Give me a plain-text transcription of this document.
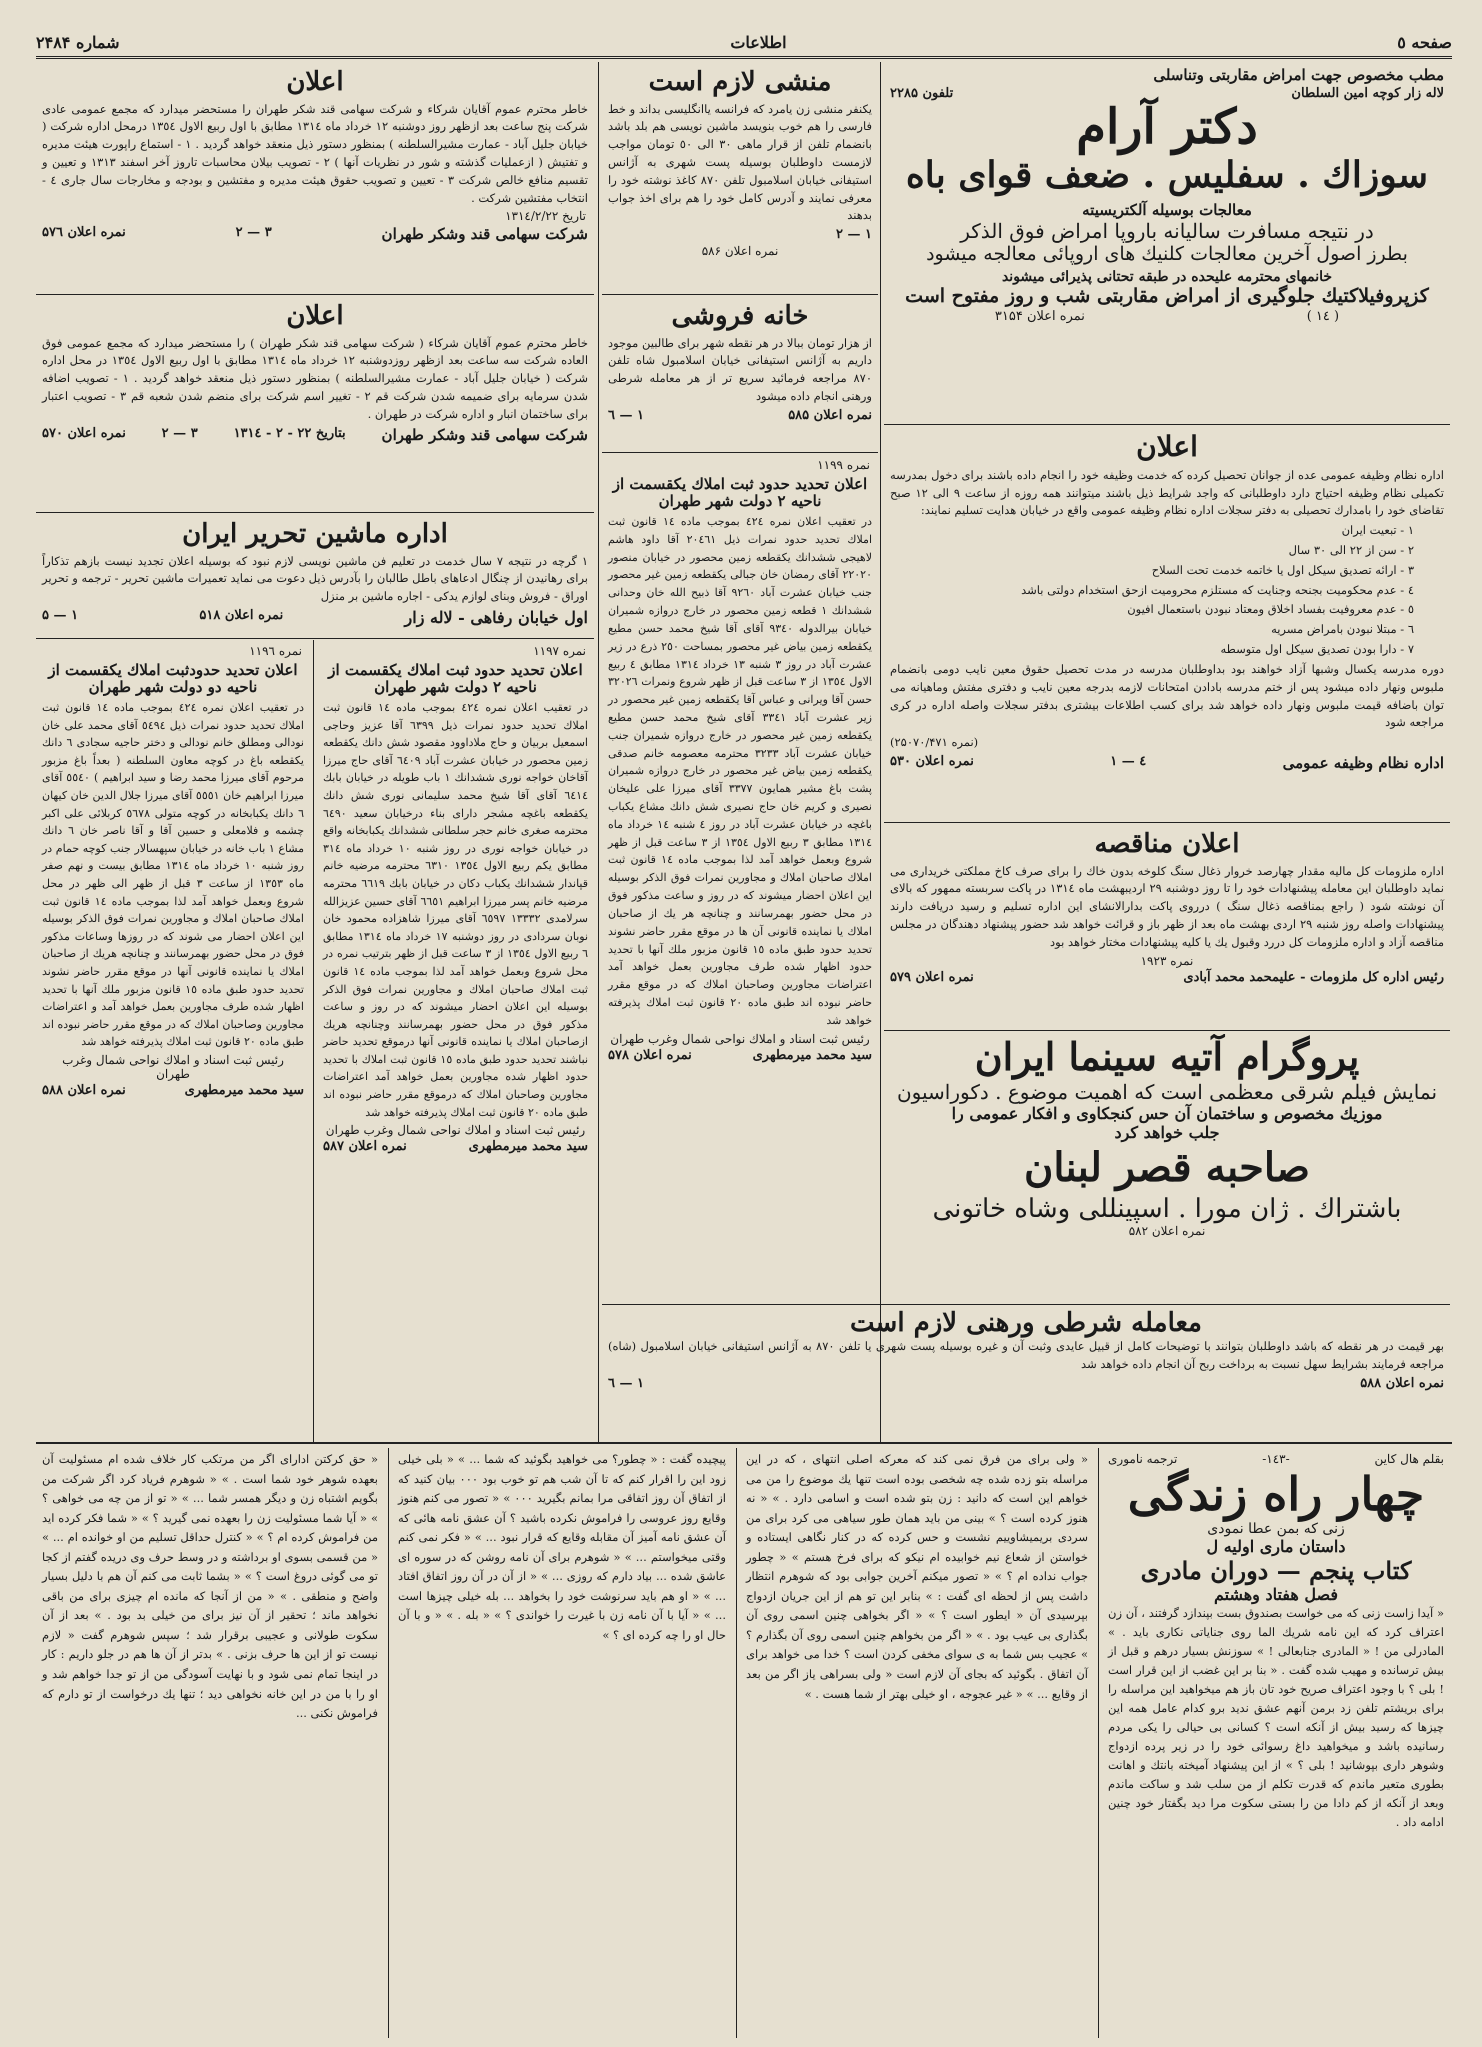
صفحه ٥
اطلاعات
شماره ۲۴۸۴
مطب مخصوص جهت امراض مقاربتی وتناسلی
لاله زار کوچه امین السلطان
تلفون ۲۲۸۵
دکتر آرام
سوزاك . سفلیس . ضعف قوای باه
معالجات بوسیله آلکتریسیته
در نتیجه مسافرت سالیانه باروپا امراض فوق الذکر
بطرز اصول آخرین معالجات کلنیك های اروپائی معالجه میشود
خانمهای محترمه علیحده در طبقه تحتانی پذیرائی میشوند
کزپروفیلاکتیك جلوگیری از امراض مقاربتی شب و روز مفتوح است
( ۱٤ )
نمره اعلان ۳۱۵۴
اعلان

اداره نظام وظیفه عمومی عده از جوانان تحصیل کرده که خدمت وظیفه خود را انجام داده باشند برای دخول بمدرسه تکمیلی نظام وظیفه احتیاج دارد داوطلبانی که واجد شرایط ذیل باشند میتوانند همه روزه از ساعت ٩ الی ۱۲ صبح تقاضای خود را بامدارك تحصیلی به دفتر سجلات اداره نظام وظیفه عمومی واقع در خیابان هدایت تسلیم نمایند:

۱ - تبعیت ایران

۲ - سن از ۲۲ الی ۳۰ سال

۳ - ارائه تصدیق سیکل اول یا خاتمه خدمت تحت السلاح

٤ - عدم محکومیت بجنحه وجنایت که مستلزم محرومیت ازحق استخدام دولتی باشد

٥ - عدم معروفیت بفساد اخلاق ومعتاد نبودن باستعمال افیون

٦ - مبتلا نبودن بامراض مسریه

۷ - دارا بودن تصدیق سیکل اول متوسطه

دوره مدرسه یکسال وشبها آزاد خواهند بود بداوطلبان مدرسه در مدت تحصیل حقوق معین نایب دومی بانضمام ملبوس ونهار داده میشود پس از ختم مدرسه بادادن امتحانات لازمه بدرجه معین نایب و دفتری مفتش وماهیانه می توان باضافه قیمت ملبوس ونهار داده خواهد شد برای کسب اطلاعات بیشتری بدفتر سجلات واصله اداره در کری مراجعه شود

(نمره ۲۵۰۷۰/۴۷۱)

اداره نظام وظیفه عمومی
٤ — ۱
نمره اعلان ۵۳۰
اعلان مناقصه
اداره ملزومات کل مالیه مقدار چهارصد خروار ذغال سنگ کلوخه بدون خاك را برای صرف کاخ مملکتی خریداری می نماید داوطلبان این معامله پیشنهادات خود را تا روز دوشنبه ۲٩ اردیبهشت ماه ۱۳۱٤ در پاکت سربسته ممهور که بالای آن نوشته شود ( راجع بمناقصه ذغال سنگ ) درروی پاکت بدارالانشای این اداره تسلیم و رسید دریافت دارند پیشنهادات واصله روز شنبه ۲٩ اردی بهشت ماه بعد از ظهر باز و قرائت خواهد شد حضور پیشنهاد دهندگان در مجلس مناقصه آزاد و اداره ملزومات کل دررد وقبول یك یا کلیه پیشنهادات مختار خواهد بود
نمره ۱۹۲۳
رئیس اداره کل ملزومات - علیمحمد محمد آبادی
نمره اعلان ۵۷٩
پروگرام آتیه سینما ایران
نمایش فیلم شرقی معظمی است که اهمیت موضوع . دکوراسیون
موزیك مخصوص و ساختمان آن حس کنجکاوی و افکار عمومی را
جلب خواهد کرد
صاحبه قصر لبنان
باشتراك . ژان مورا . اسپینللی وشاه خاتونی
نمره اعلان ۵۸۲
معامله شرطی ورهنی لازم است
بهر قیمت در هر نقطه که باشد داوطلبان بتوانند با توضیحات کامل از قبیل عایدی وثبت آن و غیره بوسیله پست شهری یا تلفن ۸۷۰ به آژانس استیفانی خیابان اسلامبول (شاه) مراجعه فرمایند بشرایط سهل نسبت به برداخت ربح آن انجام داده خواهد شد
نمره اعلان ۵۸۸
۱ — ٦
منشی لازم است
یکنفر منشی زن یامرد که فرانسه یاانگلیسی بداند و خط فارسی را هم خوب بنویسد ماشین نویسی هم بلد باشد بانضمام تلفن از قرار ماهی ۳۰ الی ٥۰ تومان مواجب لازمست داوطلبان بوسیله پست شهری به آژانس استیفانی خیابان اسلامبول تلفن ۸۷۰ کاغذ نوشته خود را معرفی نمایند و آدرس کامل خود را هم برای اخذ جواب بدهند
۱ — ۲
نمره اعلان ۵۸۶
خانه فروشی
از هزار تومان ببالا در هر نقطه شهر برای طالبین موجود داریم به آژانس استیفانی خیابان اسلامبول شاه تلفن ۸۷۰ مراجعه فرمائید سریع تر از هر معامله شرطی ورهنی انجام داده میشود
نمره اعلان ۵۸۵
۱ — ٦
نمره ۱۱٩٩
اعلان تحدید حدود ثبت املاك یکقسمت از ناحیه ۲ دولت شهر طهران
در تعقیب اعلان نمره ٤۲٤ بموجب ماده ۱٤ قانون ثبت املاك تحدید حدود نمرات ذیل ۲۰٤٦۱ آقا داود هاشم لاهیجی ششدانك یکقطعه زمین محصور در خیابان منصور ۲۲۰۲۰ آقای رمضان خان جبالی یکقطعه زمین غیر محصور جنب خیابان عشرت آباد ٩٢٦۰ آقا ذبیح الله خان وحدانی ششدانك ۱ قطعه زمین محصور در خارج دروازه شمیران خیابان بیرالدوله ٩٣٤۰ آقای آقا شیخ محمد حسن مطیع یکقطعه زمین بیاض غیر محصور بمساحت ۲٥۰ ذرع در زیر عشرت آباد در روز ۳ شنبه ۱۳ خرداد ۱۳۱٤ مطابق ٤ ربیع الاول ۱۳٥٤ از ۳ ساعت قبل از ظهر شروع ونمرات ۳۲۰۲٦ حسن آقا ویرانی و عباس آقا یکقطعه زمین غیر محصور در زیر عشرت آباد ۳۳٤۱ آقای شیخ محمد حسن مطیع یکقطعه زمین غیر محصور در خارج دروازه شمیران جنب خیابان عشرت آباد ۳۲۳۳ محترمه معصومه خانم صدقی یکقطعه زمین بیاض غیر محصور در خارج دروازه شمیران پشت باغ مشیر همایون ۳۳۷۷ آقای میرزا علی علیخان نصیری و کریم خان حاج نصیری شش دانك مشاع یکباب باغچه در خیابان عشرت آباد در روز ٤ شنبه ۱٤ خرداد ماه ۱۳۱٤ مطابق ۳ ربیع الاول ۱۳٥٤ از ۳ ساعت قبل از ظهر شروع وبعمل خواهد آمد لذا بموجب ماده ۱٤ قانون ثبت املاك صاحبان املاك و مجاورین نمرات فوق الذکر بوسیله این اعلان احضار میشوند که در روز و ساعت مذکور فوق در محل حضور بهمرسانند و چنانچه هر یك از صاحبان املاك یا نماینده قانونی آن ها در موقع مقرر حاضر نشوند تحدید حدود طبق ماده ۱٥ قانون مزبور ملك آنها با تحدید حدود اظهار شده طرف مجاورین بعمل خواهد آمد اعتراضات مجاورین وصاحبان املاك که در موقع مقرر حاضر نبوده اند طبق ماده ۲۰ قانون ثبت املاك پذیرفته خواهد شد
رئیس ثبت اسناد و املاك نواحی شمال وغرب طهران
سید محمد میرمطهری
نمره اعلان ۵۷۸
اعلان
خاطر محترم عموم آقایان شرکاء و شرکت سهامی قند شکر طهران را مستحضر میدارد که مجمع عمومی عادی شرکت پنج ساعت بعد ازظهر روز دوشنبه ۱۲ خرداد ماه ۱۳۱٤ مطابق با اول ربیع الاول ۱۳٥٤ درمحل اداره شرکت ( خیابان جلیل آباد - عمارت مشیرالسلطنه ) بمنظور دستور ذیل منعقد خواهد گردید . ۱ - استماع راپورت هیئت مدیره و تفتیش ( ازعملیات گذشته و شور در نظریات آنها ) ۲ - تصویب بیلان محاسبات تاروز آخر اسفند ۱۳۱۳ و تعیین و تقسیم منافع خالص شرکت ۳ - تعیین و تصویب حقوق هیئت مدیره و مفتشین و بودجه و مخارجات سال جاری ٤ - انتخاب مفتشین شرکت .
تاریخ ۱۳۱٤/۲/۲۲
شرکت سهامی قند وشکر طهران
۳ — ۲
نمره اعلان ۵۷٦
اعلان
خاطر محترم عموم آقایان شرکاء ( شرکت سهامی قند شکر طهران ) را مستحضر میدارد که مجمع عمومی فوق العاده شرکت سه ساعت بعد ازظهر روزدوشنبه ۱۲ خرداد ماه ۱۳۱٤ مطابق با اول ربیع الاول ۱۳٥٤ در محل اداره شرکت ( خیابان جلیل آباد - عمارت مشیرالسلطنه ) بمنظور دستور ذیل منعقد خواهد گردید . ۱ - تصویب اضافه شدن سرمایه برای ضمیمه شدن شرکت قم ۲ - تغییر اسم شرکت برای منضم شدن شعبه قم ۳ - تصویب اعتبار برای ساختمان انبار و اداره شرکت در طهران .
شرکت سهامی قند وشکر طهران
بتاریخ ۲۲ - ۲ - ۱۳۱٤
۳ — ۲
نمره اعلان ۵۷۰
اداره ماشین تحریر ایران
۱ گرچه در نتیجه ۷ سال خدمت در تعلیم فن ماشین نویسی لازم نبود که بوسیله اعلان تجدید نیست بازهم تذکاراً برای رهانیدن از چنگال ادعاهای باطل طالبان را بآدرس ذیل دعوت می نماید تعمیرات ماشین تحریر - ترجمه و تحریر اوراق - فروش وبنای لوازم یدکی - اجاره ماشین بر منزل
اول خیابان رفاهی - لاله زار
نمره اعلان ۵۱۸
۱ — ۵
نمره ۱۱٩۷
اعلان تحدید حدود ثبت املاك یکقسمت از ناحیه ۲ دولت شهر طهران
در تعقیب اعلان نمره ٤۲٤ بموجب ماده ۱٤ قانون ثبت املاك تحدید حدود نمرات ذیل ٦۳٩٩ آقا عزیز وحاجی اسمعیل بربیان و حاج ملاداوود مقصود شش دانك یکقطعه زمین محصور در خیابان عشرت آباد ٦٤۰٩ آقای حاج میرزا آقاخان خواجه نوری ششدانك ۱ باب طویله در خیابان بابك ٦٤۱٤ آقای آقا شیخ محمد سلیمانی نوری شش دانك یکقطعه باغچه مشجر دارای بناء درخیابان سعید ٦٤٩۰ محترمه صغری خانم حجر سلطانی ششدانك یکبابخانه واقع در خیابان خواجه نوری در روز شنبه ۱۰ خرداد ماه ۳۱٤ مطابق یکم ربیع الاول ۱۳٥٤ ٦۳۱۰ محترمه مرضیه خانم قپاندار ششدانك یکباب دکان در خیابان بابك ٦٦۱٩ محترمه مرضیه خانم پسر میرزا ابراهیم ٦٦٥۱ آقای حسین عزیزالله سرلامدی ۱۳۳۳۲ ٦٥٩۷ آقای میرزا شاهزاده محمود خان نوبان سردادی در روز دوشنبه ۱۷ خرداد ماه ۱۳۱٤ مطابق ٦ ربیع الاول ۱۳٥٤ از ۳ ساعت قبل از ظهر بترتیب نمره در محل شروع وبعمل خواهد آمد لذا بموجب ماده ۱٤ قانون ثبت املاك صاحبان املاك و مجاورین نمرات فوق الذکر بوسیله این اعلان احضار میشوند که در روز و ساعت مذکور فوق در محل حضور بهمرسانند وچنانچه هریك ازصاحبان املاك یا نماینده قانونی آنها درموقع تحدید حاضر نباشند تحدید حدود طبق ماده ۱٥ قانون ثبت املاك با تحدید حدود اظهار شده مجاورین بعمل خواهد آمد اعتراضات مجاورین وصاحبان املاك که درموقع مقرر حاضر نبوده اند طبق ماده ۲۰ قانون ثبت املاك پذیرفته خواهد شد
رئیس ثبت اسناد و املاك نواحی شمال وغرب طهران
سید محمد میرمطهری
نمره اعلان ۵۸۷
نمره ۱۱٩٦
اعلان تحدید حدودثبت املاك یکقسمت از ناحیه دو دولت شهر طهران
در تعقیب اعلان نمره ٤۲٤ بموجب ماده ۱٤ قانون ثبت املاك تحدید حدود نمرات ذیل ٥٤٩٤ آقای محمد علی خان نودالی ومطلق خانم نودالی و دختر حاجیه سجادی ٦ دانك یکقطعه باغ در کوچه معاون السلطنه ( بعداً باغ مزبور مرحوم آقای میرزا محمد رضا و سید ابراهیم ) ٥٥٤۰ آقای میرزا ابراهیم خان ٥٥٥۱ آقای میرزا جلال الدین خان کیهان ٦ دانك یکبابخانه در کوچه متولی ٥٦۷۸ کربلائی علی اکبر چشمه و فلامعلی و حسین آقا و آقا ناصر خان ٦ دانك مشاع ۱ باب خانه در خیابان سپهسالار جنب کوچه حمام در روز شنبه ۱۰ خرداد ماه ۱۳۱٤ مطابق بیست و نهم صفر ماه ۱۳٥۳ از ساعت ۳ قبل از ظهر الی ظهر در محل شروع وبعمل خواهد آمد لذا بموجب ماده ۱٤ قانون ثبت املاك صاحبان املاك و مجاورین نمرات فوق الذکر بوسیله این اعلان احضار می شوند که در روزها وساعات مذکور فوق در محل حضور بهمرسانند و چنانچه هریك از صاحبان املاك یا نماینده قانونی آنها در موقع مقرر حاضر نشوند تحدید حدود طبق ماده ۱٥ قانون مزبور ملك آنها با تحدید اظهار شده طرف مجاورین بعمل خواهد آمد و اعتراضات مجاورین وصاحبان املاك که در موقع مقرر حاضر نبوده اند طبق ماده ۲۰ قانون ثبت املاك پذیرفته خواهد شد
رئیس ثبت اسناد و املاك نواحی شمال وغرب طهران
سید محمد میرمطهری
نمره اعلان ۵۸۸
بقلم هال کاین
-۱٤۳-
ترجمه ناموری
چهار راه زندگی
زنی که بمن عطا نمودی
داستان ماری اولیه ل
کتاب پنجم — دوران مادری
فصل هفتاد وهشتم
« آیدا زاست زنی که می خواست بصندوق بست بپندازد گرفتند ، آن زن اعتراف کرد که این نامه شریك الما روی جنایاتی نکاری باید . » المادرلی من ! « المادری جنابعالی ! » سوزنش بسیار درهم و قبل از بیش ترسانده و مهیب شده گفت . « بنا بر این غضب از این قرار است ! بلی ؟ با وجود اعتراف صریح خود تان باز هم میخواهید این مراسله را برای بریشتم تلفن زد برمن آنهم عشق ندید برو کدام عامل همه این چیزها که رسید بیش از آنکه است ؟ کسانی بی حیالی را یکی مردم رسانیده باشد و میخواهید داغ رسوائی خود را در زیر پرده ازدواج وشوهر داری بپوشانید ! بلی ؟ » از این پیشنهاد آمیخته بانتك و اهانت بطوری متعیر ماندم که قدرت تکلم از من سلب شد و ساکت ماندم وبعد از آنکه از کم دادا من را بستی سکوت مرا دید بگفتار خود چنین ادامه داد .
« ولی برای من فرق نمی کند که معرکه اصلی انتهای ، که در این مراسله بتو زده شده چه شخصی بوده است تنها یك موضوع را من می خواهم این است که دانید : زن بتو شده است و اسامی دارد . » « نه هنوز کرده است ؟ » بینی من باید همان طور سیاهی می کرد برای من سردی بریمیشاوییم نشست و حس کرده که در کنار نگاهی ایستاده و خواستن از شعاع نیم خوابیده ام نیکو که برای فرخ هستم » « چطور جواب نداده ام ؟ » « تصور میکنم آخرین جوابی بود که شوهرم انتظار داشت پس از لحظه ای گفت : » بنابر این تو هم از این جریان ازدواج بپرسیدی آن « ایطور است ؟ » « اگر بخواهی چنین اسمی روی آن بگذاری بی عیب بود . » « اگر من بخواهم چنین اسمی روی آن بگذارم ؟ » عجیب بس شما به ی سوای مخفی کردن است ؟ خدا می خواهد برای آن اتفاق . بگوئید که بجای آن لازم است « ولی بسراهی یاز اگر من بعد از وقایع ... » « غیر عجوجه ، او خیلی بهتر از شما هست . »
پیچیده گفت : « چطور؟ می خواهید بگوئید که شما ... » « بلی خیلی زود این را اقرار کنم که تا آن شب هم تو خوب بود ۰۰۰ بیان کنید که از اتفاق آن روز اتفاقی مرا بمانم بگیرید ۰۰۰ » « تصور می کنم هنوز وقایع روز عروسی را فراموش نکرده باشید ؟ آن عشق نامه هائی که آن عشق نامه آمیز آن مقابله وقایع که قرار نبود ... » « فکر نمی کنم وقتی میخواستم ... » « شوهرم برای آن نامه روشن که در سوره ای عاشق شده ... بیاد دارم که روزی ... » « از آن در آن روز اتفاق افتاد ... » « او هم باید سرنوشت خود را بخواهد ... بله خیلی چیزها است ... » « آیا با آن نامه زن با غیرت را خواندی ؟ » « بله . » « و با آن حال او را چه کرده ای ؟ »
« حق کرکتن ادارای اگر من مرتکب کار خلاف شده ام مسئولیت آن بعهده شوهر خود شما است . » « شوهرم فریاد کرد اگر شرکت من بگویم اشتباه زن و دیگر همسر شما ... » « تو از من چه می خواهی ؟ » « آیا شما مسئولیت زن را بعهده نمی گیرید ؟ » « شما فکر کرده اید من فراموش کرده ام ؟ » « کنترل حداقل تسلیم من او خوانده ام ... » « من قسمی بسوی او برداشته و در وسط حرف وی دریده گفتم از کجا تو می گوئی دروغ است ؟ » « بشما ثابت می کنم آن هم با دلیل بسیار واضح و منطقی . » « من از آنجا که مانده ام چیزی برای من باقی نخواهد ماند ؛ تحقیر از آن نیز برای من خیلی بد بود . » بعد از آن سکوت طولانی و عجیبی برقرار شد ؛ سپس شوهرم گفت « لازم نیست تو از این ها حرف بزنی . » بدتر از آن ها هم در جلو داریم : کار در اینجا تمام نمی شود و با نهایت آسودگی من از تو جدا خواهم شد و او را با من در این خانه نخواهی دید ؛ تنها یك درخواست از تو دارم که فراموش نکنی ...
